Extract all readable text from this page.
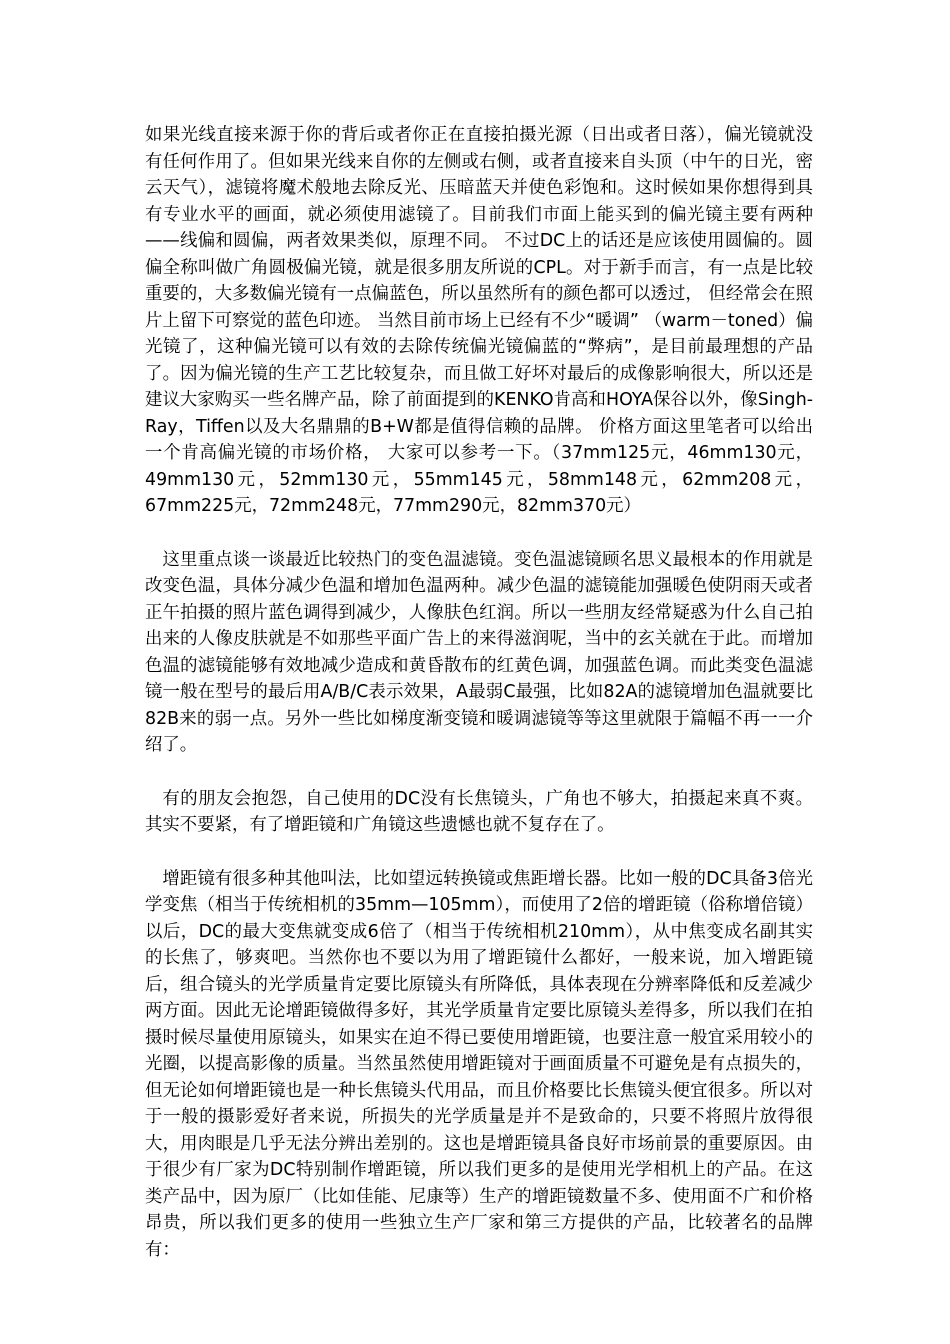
如果光线直接来源于你的背后或者你正在直接拍摄光源（日出或者日落），偏光镜就没有任何作用了。但如果光线来自你的左侧或右侧，或者直接来自头顶（中午的日光，密云天气），滤镜将魔术般地去除反光、压暗蓝天并使色彩饱和。这时候如果你想得到具有专业水平的画面，就必须使用滤镜了。目前我们市面上能买到的偏光镜主要有两种——线偏和圆偏，两者效果类似，原理不同。 不过DC上的话还是应该使用圆偏的。圆偏全称叫做广角圆极偏光镜，就是很多朋友所说的CPL。对于新手而言，有一点是比较重要的，大多数偏光镜有一点偏蓝色，所以虽然所有的颜色都可以透过， 但经常会在照片上留下可察觉的蓝色印迹。 当然目前市场上已经有不少“暖调” （warm－toned）偏光镜了，这种偏光镜可以有效的去除传统偏光镜偏蓝的“弊病”，是目前最理想的产品了。因为偏光镜的生产工艺比较复杂，而且做工好坏对最后的成像影响很大，所以还是建议大家购买一些名牌产品，除了前面提到的KENKO肯高和HOYA保谷以外，像Singh-Ray，Tiffen以及大名鼎鼎的B+W都是值得信赖的品牌。 价格方面这里笔者可以给出一个肯高偏光镜的市场价格， 大家可以参考一下。（37mm125元，46mm130元，49mm130元，52mm130元，55mm145元，58mm148元，62mm208元，67mm225元，72mm248元，77mm290元，82mm370元）

这里重点谈一谈最近比较热门的变色温滤镜。变色温滤镜顾名思义最根本的作用就是改变色温，具体分减少色温和增加色温两种。减少色温的滤镜能加强暖色使阴雨天或者正午拍摄的照片蓝色调得到减少，人像肤色红润。所以一些朋友经常疑惑为什么自己拍出来的人像皮肤就是不如那些平面广告上的来得滋润呢，当中的玄关就在于此。而增加色温的滤镜能够有效地减少造成和黄昏散布的红黄色调，加强蓝色调。而此类变色温滤镜一般在型号的最后用A/B/C表示效果，A最弱C最强，比如82A的滤镜增加色温就要比82B来的弱一点。另外一些比如梯度渐变镜和暖调滤镜等等这里就限于篇幅不再一一介绍了。

有的朋友会抱怨，自己使用的DC没有长焦镜头，广角也不够大，拍摄起来真不爽。其实不要紧，有了增距镜和广角镜这些遗憾也就不复存在了。

增距镜有很多种其他叫法，比如望远转换镜或焦距增长器。比如一般的DC具备3倍光学变焦（相当于传统相机的35mm—105mm），而使用了2倍的增距镜（俗称增倍镜）以后，DC的最大变焦就变成6倍了（相当于传统相机210mm），从中焦变成名副其实的长焦了，够爽吧。当然你也不要以为用了增距镜什么都好，一般来说，加入增距镜后，组合镜头的光学质量肯定要比原镜头有所降低，具体表现在分辨率降低和反差减少两方面。因此无论增距镜做得多好，其光学质量肯定要比原镜头差得多，所以我们在拍摄时候尽量使用原镜头，如果实在迫不得已要使用增距镜，也要注意一般宜采用较小的光圈，以提高影像的质量。当然虽然使用增距镜对于画面质量不可避免是有点损失的，但无论如何增距镜也是一种长焦镜头代用品，而且价格要比长焦镜头便宜很多。所以对于一般的摄影爱好者来说，所损失的光学质量是并不是致命的，只要不将照片放得很大，用肉眼是几乎无法分辨出差别的。这也是增距镜具备良好市场前景的重要原因。由于很少有厂家为DC特别制作增距镜，所以我们更多的是使用光学相机上的产品。在这类产品中，因为原厂（比如佳能、尼康等）生产的增距镜数量不多、使用面不广和价格昂贵，所以我们更多的使用一些独立生产厂家和第三方提供的产品，比较著名的品牌有：
